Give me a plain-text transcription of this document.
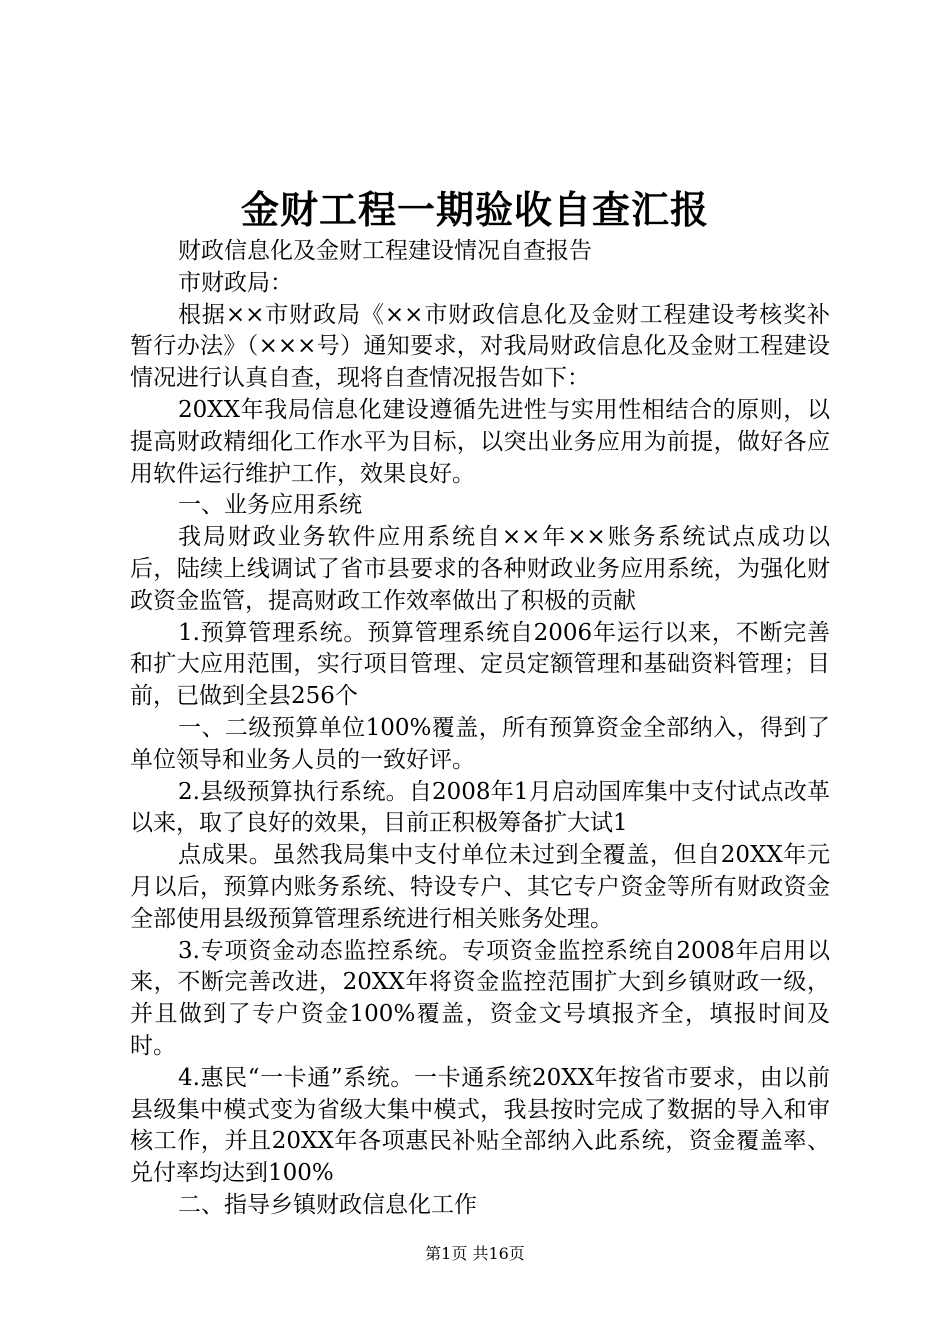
金财工程一期验收自查汇报

财政信息化及金财工程建设情况自查报告

市财政局：

根据××市财政局《××市财政信息化及金财工程建设考核奖补暂行办法》（×××号）通知要求，对我局财政信息化及金财工程建设情况进行认真自查，现将自查情况报告如下：

20XX年我局信息化建设遵循先进性与实用性相结合的原则，以提高财政精细化工作水平为目标，以突出业务应用为前提，做好各应用软件运行维护工作，效果良好。

一、业务应用系统

我局财政业务软件应用系统自××年××账务系统试点成功以后，陆续上线调试了省市县要求的各种财政业务应用系统，为强化财政资金监管，提高财政工作效率做出了积极的贡献

1.预算管理系统。预算管理系统自2006年运行以来，不断完善和扩大应用范围，实行项目管理、定员定额管理和基础资料管理；目前，已做到全县256个

一、二级预算单位100%覆盖，所有预算资金全部纳入，得到了单位领导和业务人员的一致好评。

2.县级预算执行系统。自2008年1月启动国库集中支付试点改革以来，取了良好的效果，目前正积极筹备扩大试1

点成果。虽然我局集中支付单位未过到全覆盖，但自20XX年元月以后，预算内账务系统、特设专户、其它专户资金等所有财政资金全部使用县级预算管理系统进行相关账务处理。

3.专项资金动态监控系统。专项资金监控系统自2008年启用以来，不断完善改进，20XX年将资金监控范围扩大到乡镇财政一级，并且做到了专户资金100%覆盖，资金文号填报齐全，填报时间及时。

4.惠民“一卡通”系统。一卡通系统20XX年按省市要求，由以前县级集中模式变为省级大集中模式，我县按时完成了数据的导入和审核工作，并且20XX年各项惠民补贴全部纳入此系统，资金覆盖率、兑付率均达到100%

二、指导乡镇财政信息化工作

第1页 共16页
